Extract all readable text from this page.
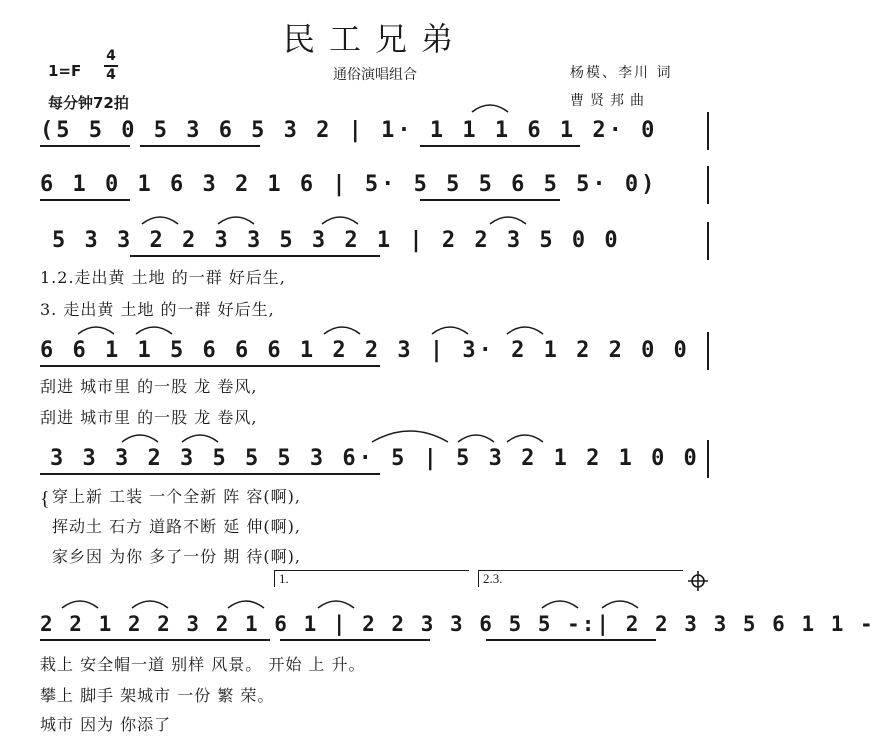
民工兄弟
1=F
4
4
每分钟72拍
通俗演唱组合	杨模、李川 词
曹贤邦曲
(5 5 0 5 3 6 5 3 2 | 1· 1 1 1 6 1 2· 0
6 1 0 1 6 3 2 1 6 | 5· 5 5 5 6 5 5· 0)
5 3 3 2 2 3 3 5 3 2 1 | 2 2 3 5 0 0
1.2.走出黄 土地 的一群 好后生,
3. 走出黄 土地 的一群 好后生,
6 6 1 1 5 6 6 6 1 2 2 3 | 3· 2 1 2 2 0 0
刮进 城市里 的一股 龙 卷风,
刮进 城市里 的一股 龙 卷风,
3 3 3 2 3 5 5 5 3 6· 5 | 5 3 2 1 2 1 0 0
{ 穿上新 工装 一个全新 阵 容(啊),
挥动土 石方 道路不断 延 伸(啊),
家乡因 为你 多了一份 期 待(啊),
1.	2.3.
2 2 1 2 2 3 2 1 6 1 | 2 2 3 3 6 5 5 -:| 2 2 3 3 5 6 1 1 -
栽上 安全帽一道 别样 风景。 开始 上 升。
攀上 脚手 架城市 一份 繁 荣。
城市 因为 你添了
